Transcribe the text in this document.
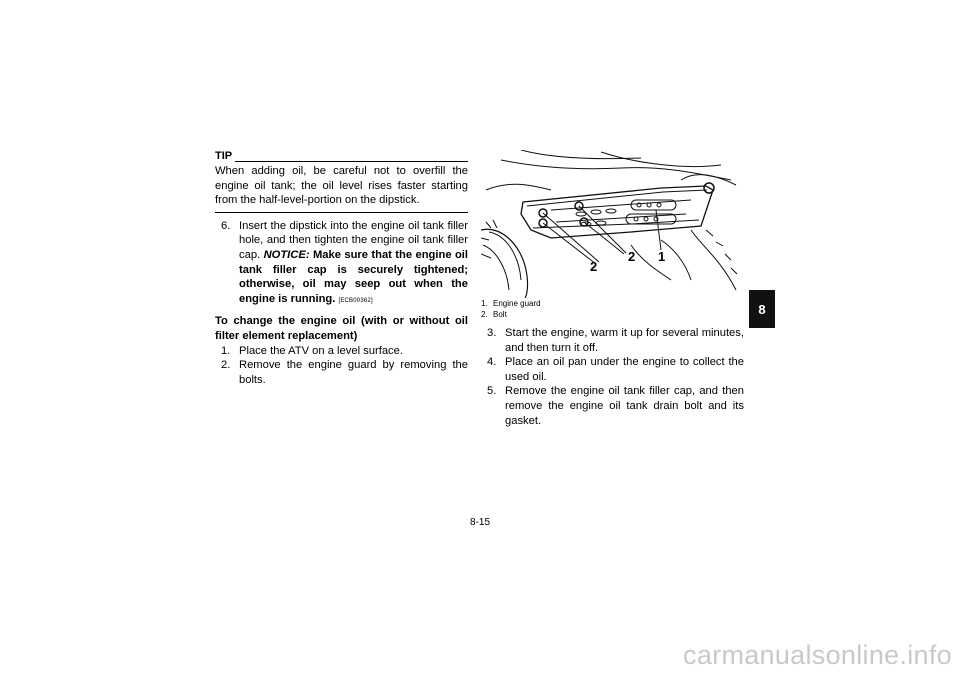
TIP
When adding oil, be careful not to overfill the engine oil tank; the oil level rises faster starting from the half-level-portion on the dipstick.
6. Insert the dipstick into the engine oil tank filler hole, and then tighten the engine oil tank filler cap. NOTICE: Make sure that the engine oil tank filler cap is securely tightened; otherwise, oil may seep out when the engine is running. [ECB00362]
To change the engine oil (with or without oil filter element replacement)
1. Place the ATV on a level surface.
2. Remove the engine guard by removing the bolts.
2
2 1
1. Engine guard
2. Bolt
3. Start the engine, warm it up for several minutes, and then turn it off.
4. Place an oil pan under the engine to collect the used oil.
5. Remove the engine oil tank filler cap, and then remove the engine oil tank drain bolt and its gasket.
8
8-15
carmanualsonline.info
